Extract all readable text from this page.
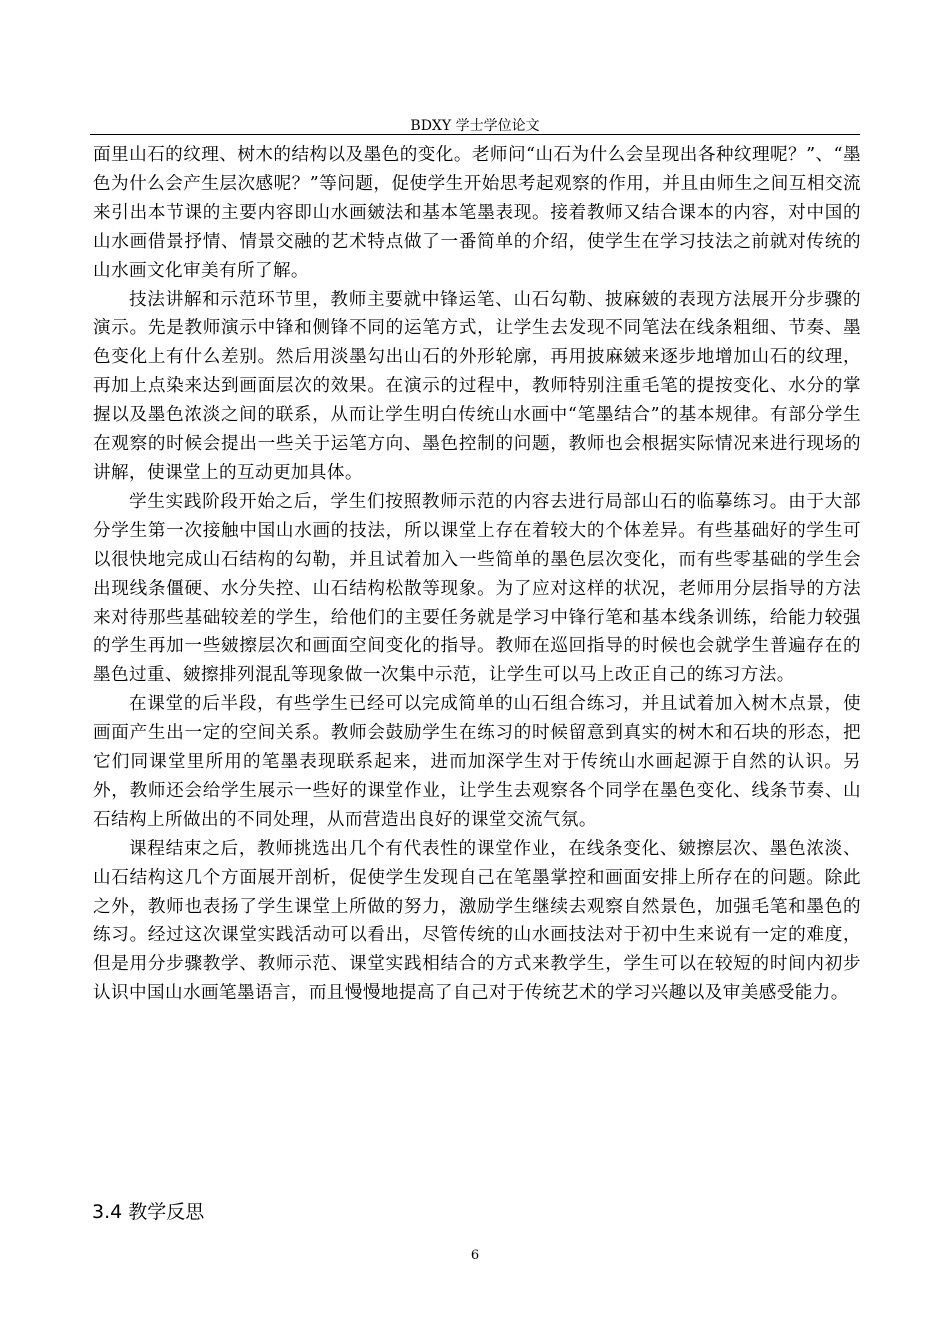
BDXY 学士学位论文

面里山石的纹理、树木的结构以及墨色的变化。老师问“山石为什么会呈现出各种纹理呢？”、“墨色为什么会产生层次感呢？”等问题，促使学生开始思考起观察的作用，并且由师生之间互相交流来引出本节课的主要内容即山水画皴法和基本笔墨表现。接着教师又结合课本的内容，对中国的山水画借景抒情、情景交融的艺术特点做了一番简单的介绍，使学生在学习技法之前就对传统的山水画文化审美有所了解。

技法讲解和示范环节里，教师主要就中锋运笔、山石勾勒、披麻皴的表现方法展开分步骤的演示。先是教师演示中锋和侧锋不同的运笔方式，让学生去发现不同笔法在线条粗细、节奏、墨色变化上有什么差别。然后用淡墨勾出山石的外形轮廓，再用披麻皴来逐步地增加山石的纹理，再加上点染来达到画面层次的效果。在演示的过程中，教师特别注重毛笔的提按变化、水分的掌握以及墨色浓淡之间的联系，从而让学生明白传统山水画中“笔墨结合”的基本规律。有部分学生在观察的时候会提出一些关于运笔方向、墨色控制的问题，教师也会根据实际情况来进行现场的讲解，使课堂上的互动更加具体。

学生实践阶段开始之后，学生们按照教师示范的内容去进行局部山石的临摹练习。由于大部分学生第一次接触中国山水画的技法，所以课堂上存在着较大的个体差异。有些基础好的学生可以很快地完成山石结构的勾勒，并且试着加入一些简单的墨色层次变化，而有些零基础的学生会出现线条僵硬、水分失控、山石结构松散等现象。为了应对这样的状况，老师用分层指导的方法来对待那些基础较差的学生，给他们的主要任务就是学习中锋行笔和基本线条训练，给能力较强的学生再加一些皴擦层次和画面空间变化的指导。教师在巡回指导的时候也会就学生普遍存在的墨色过重、皴擦排列混乱等现象做一次集中示范，让学生可以马上改正自己的练习方法。

在课堂的后半段，有些学生已经可以完成简单的山石组合练习，并且试着加入树木点景，使画面产生出一定的空间关系。教师会鼓励学生在练习的时候留意到真实的树木和石块的形态，把它们同课堂里所用的笔墨表现联系起来，进而加深学生对于传统山水画起源于自然的认识。另外，教师还会给学生展示一些好的课堂作业，让学生去观察各个同学在墨色变化、线条节奏、山石结构上所做出的不同处理，从而营造出良好的课堂交流气氛。

课程结束之后，教师挑选出几个有代表性的课堂作业，在线条变化、皴擦层次、墨色浓淡、山石结构这几个方面展开剖析，促使学生发现自己在笔墨掌控和画面安排上所存在的问题。除此之外，教师也表扬了学生课堂上所做的努力，激励学生继续去观察自然景色，加强毛笔和墨色的练习。经过这次课堂实践活动可以看出，尽管传统的山水画技法对于初中生来说有一定的难度，但是用分步骤教学、教师示范、课堂实践相结合的方式来教学生，学生可以在较短的时间内初步认识中国山水画笔墨语言，而且慢慢地提高了自己对于传统艺术的学习兴趣以及审美感受能力。

3.4 教学反思
6
